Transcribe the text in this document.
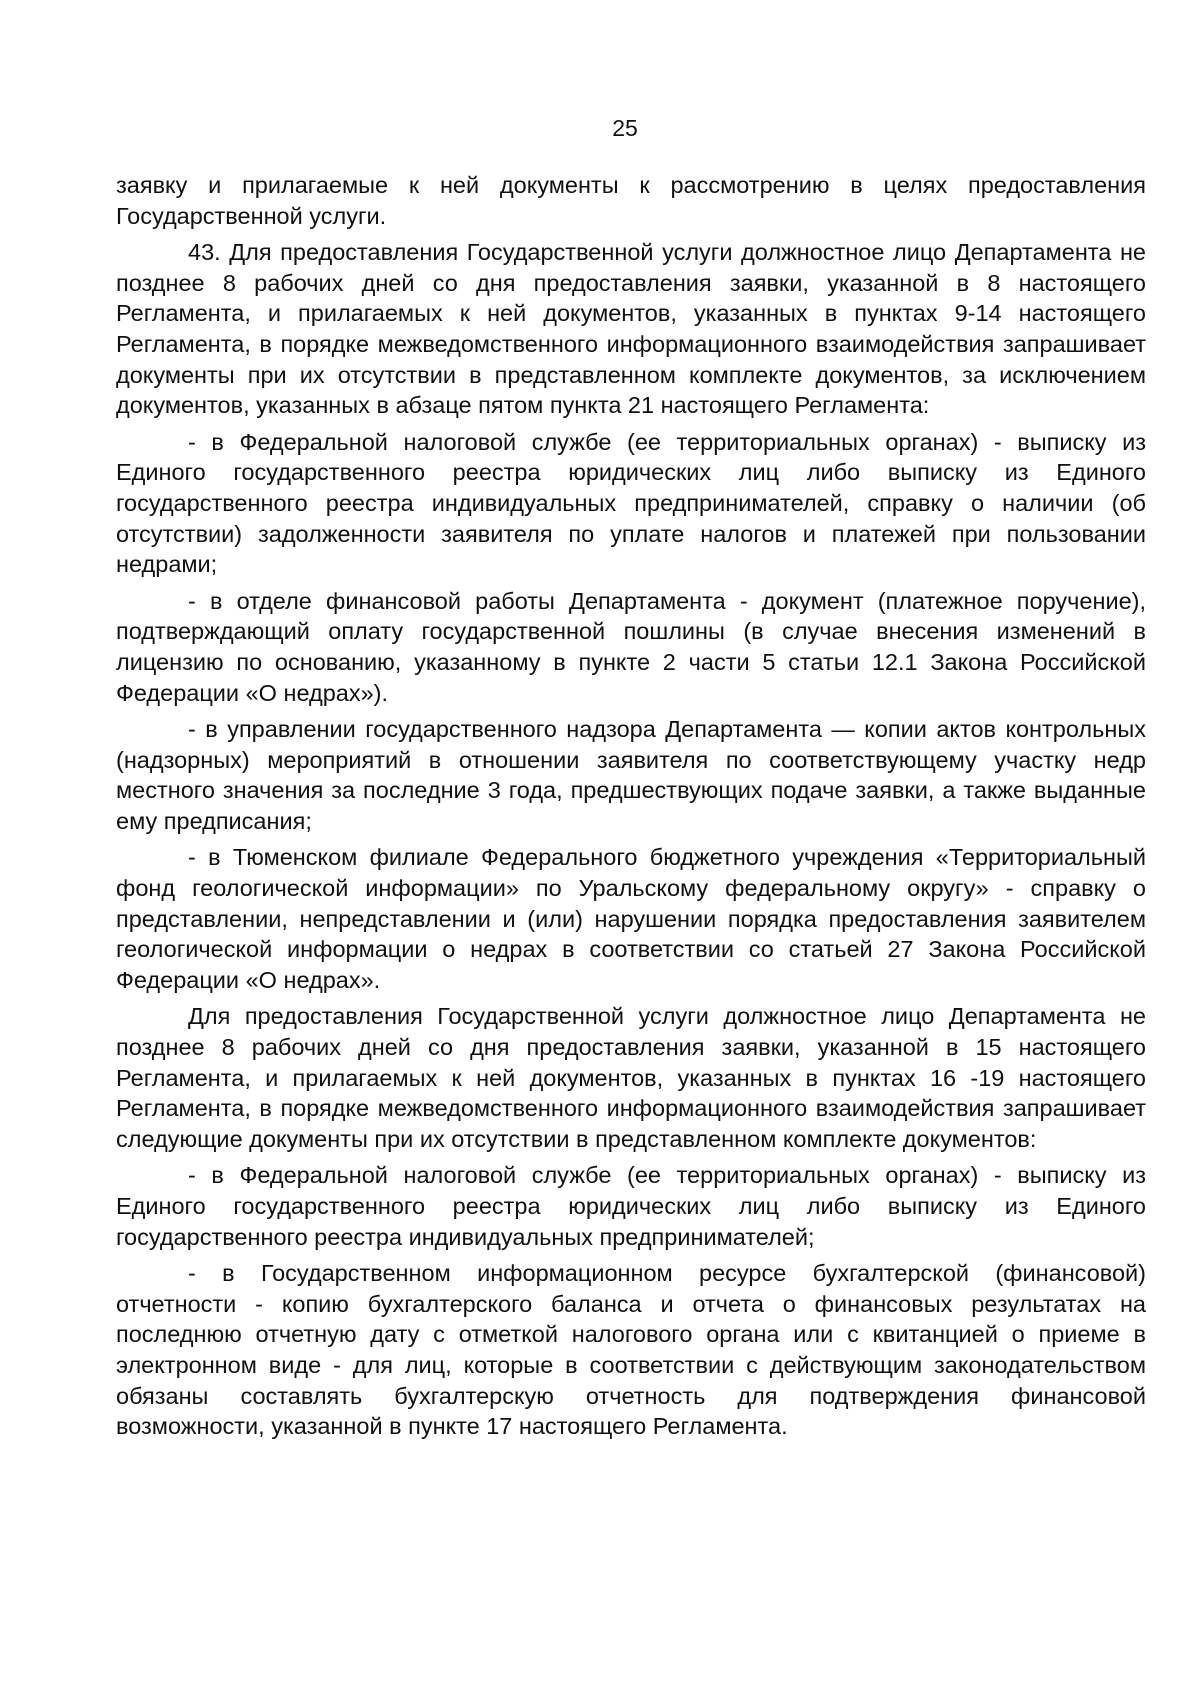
25

заявку и прилагаемые к ней документы к рассмотрению в целях предоставления Государственной услуги.

43. Для предоставления Государственной услуги должностное лицо Департамента не позднее 8 рабочих дней со дня предоставления заявки, указанной в 8 настоящего Регламента, и прилагаемых к ней документов, указанных в пунктах 9-14 настоящего Регламента, в порядке межведомственного информационного взаимодействия запрашивает документы при их отсутствии в представленном комплекте документов, за исключением документов, указанных в абзаце пятом пункта 21 настоящего Регламента:

- в Федеральной налоговой службе (ее территориальных органах) - выписку из Единого государственного реестра юридических лиц либо выписку из Единого государственного реестра индивидуальных предпринимателей, справку о наличии (об отсутствии) задолженности заявителя по уплате налогов и платежей при пользовании недрами;

- в отделе финансовой работы Департамента - документ (платежное поручение), подтверждающий оплату государственной пошлины (в случае внесения изменений в лицензию по основанию, указанному в пункте 2 части 5 статьи 12.1 Закона Российской Федерации «О недрах»).

- в управлении государственного надзора Департамента — копии актов контрольных (надзорных) мероприятий в отношении заявителя по соответствующему участку недр местного значения за последние 3 года, предшествующих подаче заявки, а также выданные ему предписания;

- в Тюменском филиале Федерального бюджетного учреждения «Территориальный фонд геологической информации» по Уральскому федеральному округу» - справку о представлении, непредставлении и (или) нарушении порядка предоставления заявителем геологической информации о недрах в соответствии со статьей 27 Закона Российской Федерации «О недрах».

Для предоставления Государственной услуги должностное лицо Департамента не позднее 8 рабочих дней со дня предоставления заявки, указанной в 15 настоящего Регламента, и прилагаемых к ней документов, указанных в пунктах 16 -19 настоящего Регламента, в порядке межведомственного информационного взаимодействия запрашивает следующие документы при их отсутствии в представленном комплекте документов:

- в Федеральной налоговой службе (ее территориальных органах) - выписку из Единого государственного реестра юридических лиц либо выписку из Единого государственного реестра индивидуальных предпринимателей;

- в Государственном информационном ресурсе бухгалтерской (финансовой) отчетности - копию бухгалтерского баланса и отчета о финансовых результатах на последнюю отчетную дату с отметкой налогового органа или с квитанцией о приеме в электронном виде - для лиц, которые в соответствии с действующим законодательством обязаны составлять бухгалтерскую отчетность для подтверждения финансовой возможности, указанной в пункте 17 настоящего Регламента.
